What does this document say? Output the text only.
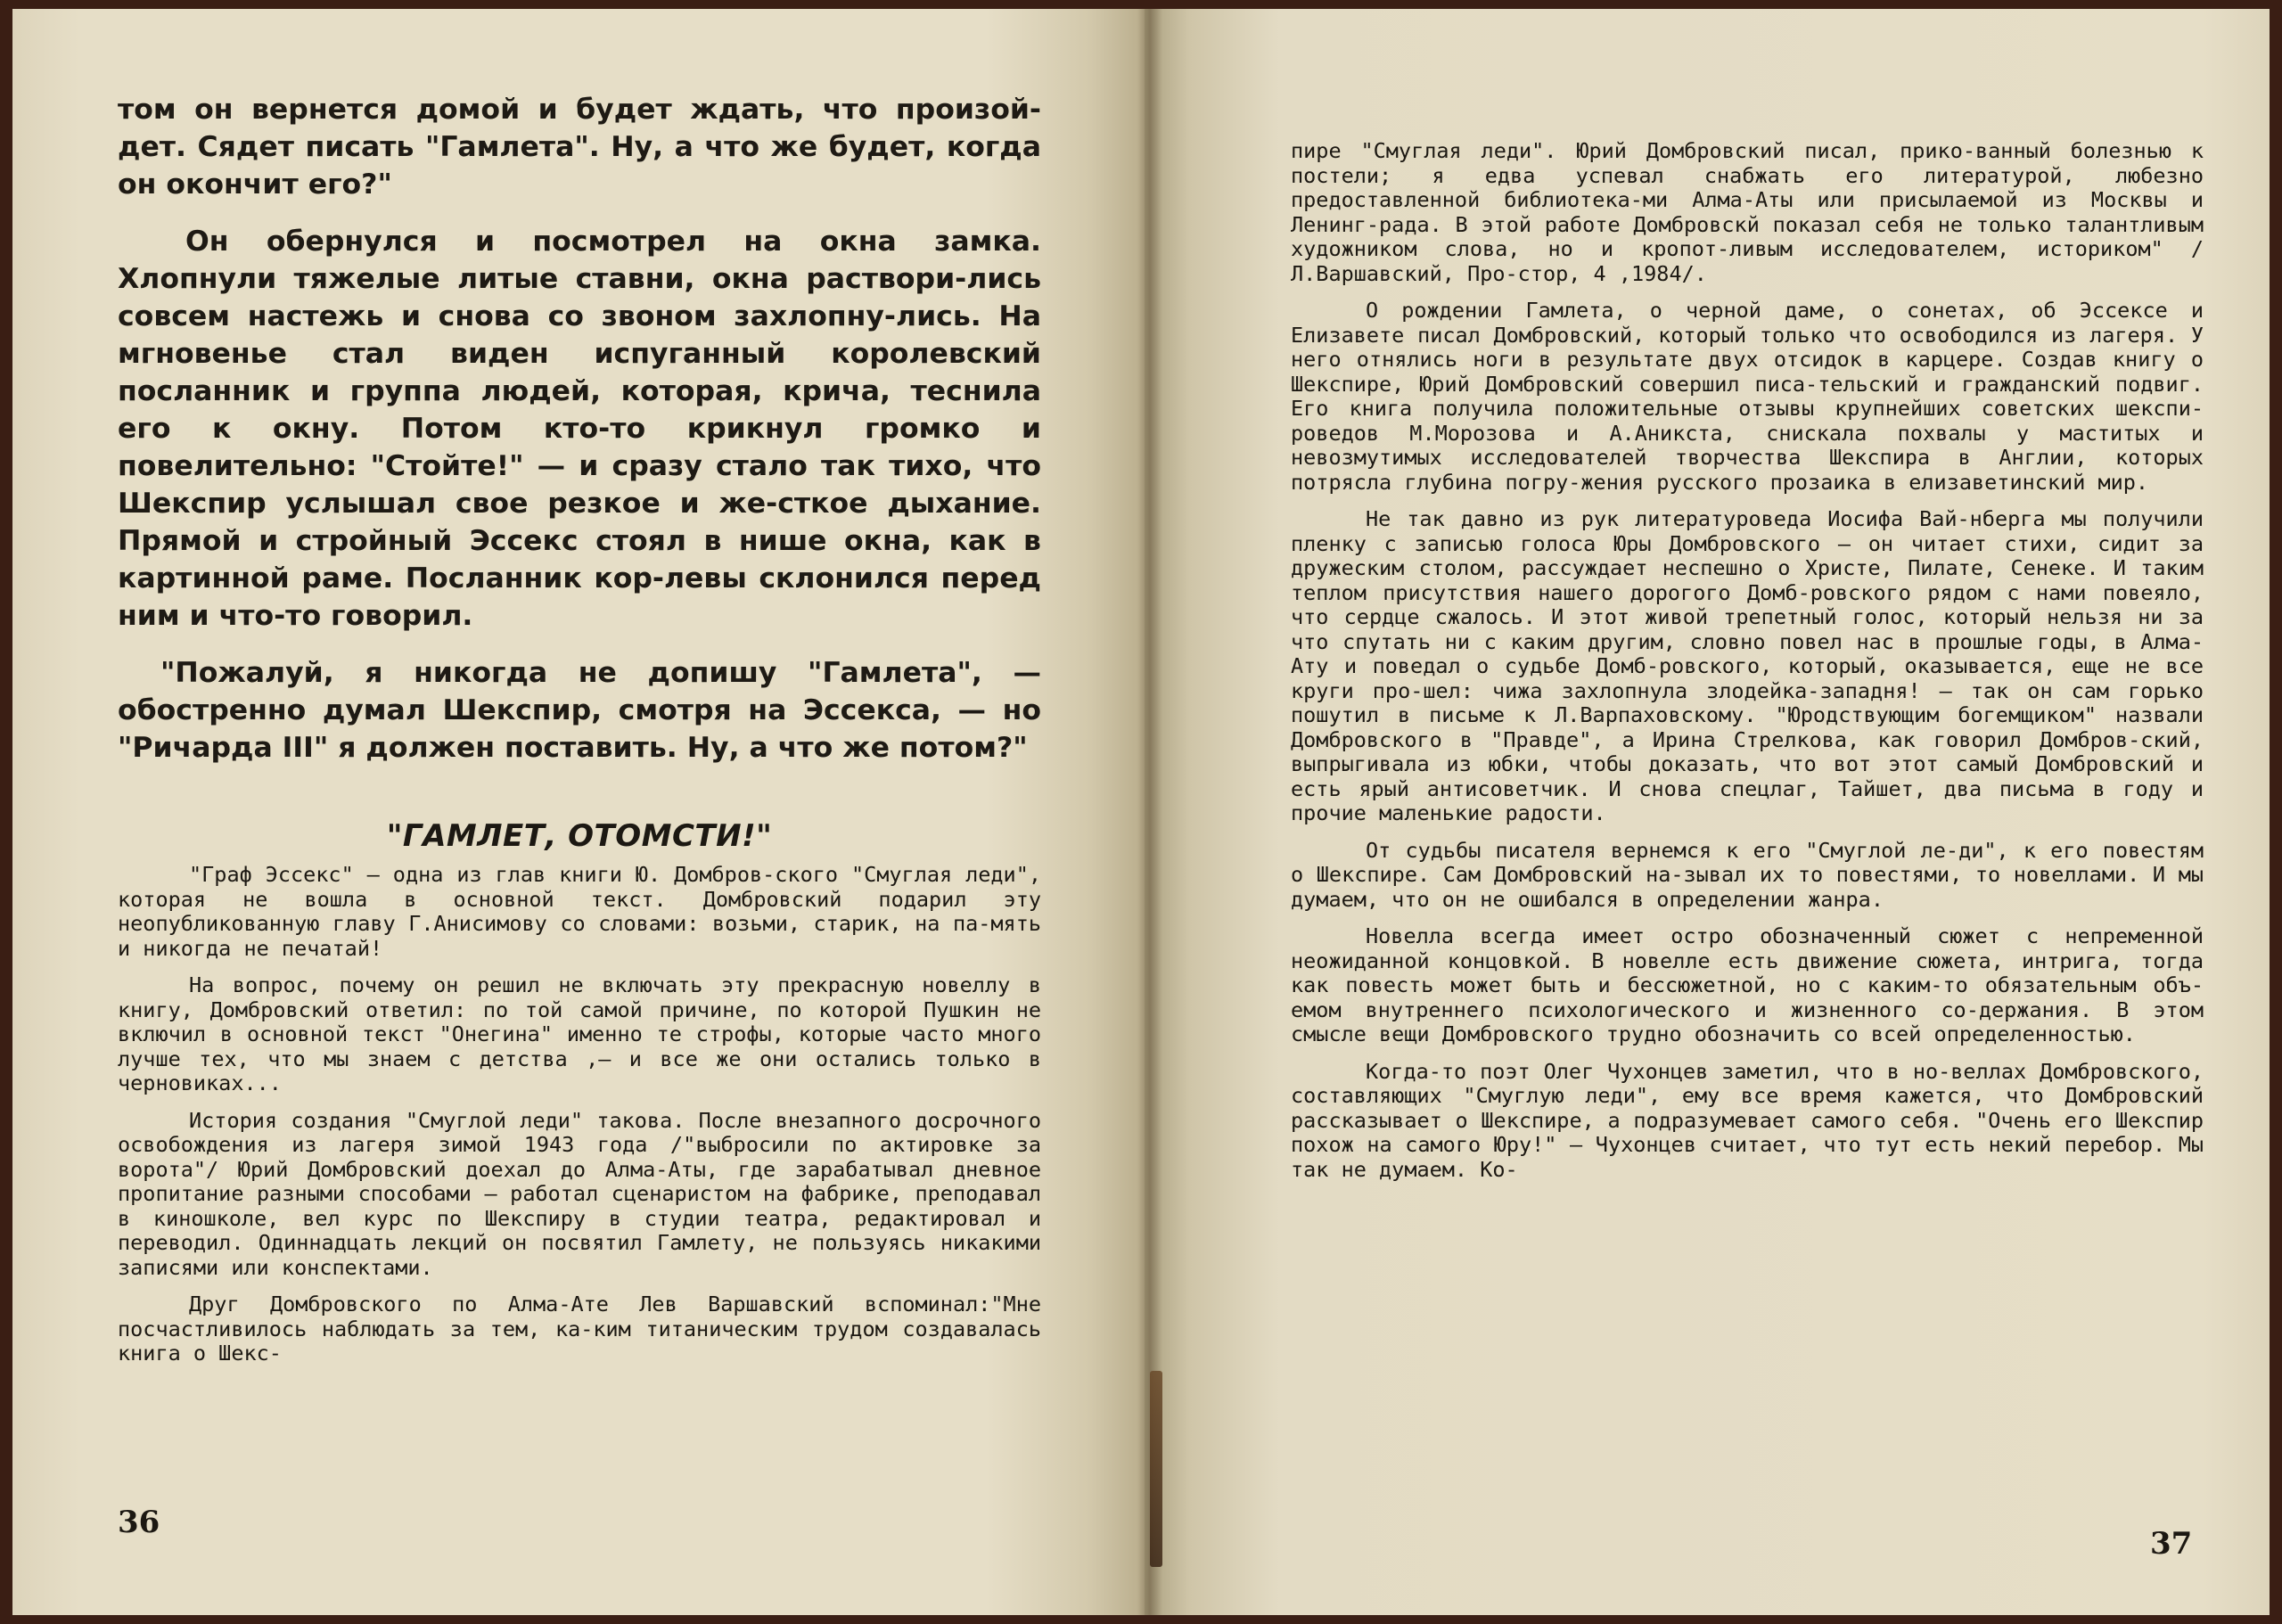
том он вернется домой и будет ждать, что произой-дет. Сядет писать "Гамлета". Ну, а что же будет, когда он окончит его?"

Он обернулся и посмотрел на окна замка. Хлопнули тяжелые литые ставни, окна раствори-лись совсем настежь и снова со звоном захлопну-лись. На мгновенье стал виден испуганный королевский посланник и группа людей, которая, крича, теснила его к окну. Потом кто-то крикнул громко и повелительно: "Стойте!" — и сразу стало так тихо, что Шекспир услышал свое резкое и же-сткое дыхание. Прямой и стройный Эссекс стоял в нише окна, как в картинной раме. Посланник кор-левы склонился перед ним и что-то говорил.

"Пожалуй, я никогда не допишу "Гамлета", — обостренно думал Шекспир, смотря на Эссекса, — но "Ричарда III" я должен поставить. Ну, а что же потом?"

"ГАМЛЕТ, ОТОМСТИ!"

"Граф Эссекс" — одна из глав книги Ю. Домбров-ского "Смуглая леди", которая не вошла в основной текст. Домбровский подарил эту неопубликованную главу Г.Анисимову со словами: возьми, старик, на па-мять и никогда не печатай!

На вопрос, почему он решил не включать эту прекрасную новеллу в книгу, Домбровский ответил: по той самой причине, по которой Пушкин не включил в основной текст "Онегина" именно те строфы, которые часто много лучше тех, что мы знаем с детства ,— и все же они остались только в черновиках...

История создания "Смуглой леди" такова. После внезапного досрочного освобождения из лагеря зимой 1943 года /"выбросили по актировке за ворота"/ Юрий Домбровский доехал до Алма-Аты, где зарабатывал дневное пропитание разными способами — работал сценаристом на фабрике, преподавал в киношколе, вел курс по Шекспиру в студии театра, редактировал и переводил. Одиннадцать лекций он посвятил Гамлету, не пользуясь никакими записями или конспектами.

Друг Домбровского по Алма-Ате Лев Варшавский вспоминал:"Мне посчастливилось наблюдать за тем, ка-ким титаническим трудом создавалась книга о Шекс-

36

пире "Смуглая леди". Юрий Домбровский писал, прико-ванный болезнью к постели; я едва успевал снабжать его литературой, любезно предоставленной библиотека-ми Алма-Аты или присылаемой из Москвы и Ленинг-рада. В этой работе Домбровскй показал себя не только талантливым художником слова, но и кропот-ливым исследователем, историком" /Л.Варшавский, Про-стор, 4 ,1984/.

О рождении Гамлета, о черной даме, о сонетах, об Эссексе и Елизавете писал Домбровский, который только что освободился из лагеря. У него отнялись ноги в результате двух отсидок в карцере. Создав книгу о Шекспире, Юрий Домбровский совершил писа-тельский и гражданский подвиг. Его книга получила положительные отзывы крупнейших советских шекспи-роведов М.Морозова и А.Аникста, снискала похвалы у маститых и невозмутимых исследователей творчества Шекспира в Англии, которых потрясла глубина погру-жения русского прозаика в елизаветинский мир.

Не так давно из рук литературоведа Иосифа Вай-нберга мы получили пленку с записью голоса Юры Домбровского — он читает стихи, сидит за дружеским столом, рассуждает неспешно о Христе, Пилате, Сенеке. И таким теплом присутствия нашего дорогого Домб-ровского рядом с нами повеяло, что сердце сжалось. И этот живой трепетный голос, который нельзя ни за что спутать ни с каким другим, словно повел нас в прошлые годы, в Алма-Ату и поведал о судьбе Домб-ровского, который, оказывается, еще не все круги про-шел: чижа захлопнула злодейка-западня! — так он сам горько пошутил в письме к Л.Варпаховскому. "Юродствующим богемщиком" назвали Домбровского в "Правде", а Ирина Стрелкова, как говорил Домбров-ский, выпрыгивала из юбки, чтобы доказать, что вот этот самый Домбровский и есть ярый антисоветчик. И снова спецлаг, Тайшет, два письма в году и прочие маленькие радости.

От судьбы писателя вернемся к его "Смуглой ле-ди", к его повестям о Шекспире. Сам Домбровский на-зывал их то повестями, то новеллами. И мы думаем, что он не ошибался в определении жанра.

Новелла всегда имеет остро обозначенный сюжет с непременной неожиданной концовкой. В новелле есть движение сюжета, интрига, тогда как повесть может быть и бессюжетной, но с каким-то обязательным объ-емом внутреннего психологического и жизненного со-держания. В этом смысле вещи Домбровского трудно обозначить со всей определенностью.

Когда-то поэт Олег Чухонцев заметил, что в но-веллах Домбровского, составляющих "Смуглую леди", ему все время кажется, что Домбровский рассказывает о Шекспире, а подразумевает самого себя. "Очень его Шекспир похож на самого Юру!" — Чухонцев считает, что тут есть некий перебор. Мы так не думаем. Ко-

37
